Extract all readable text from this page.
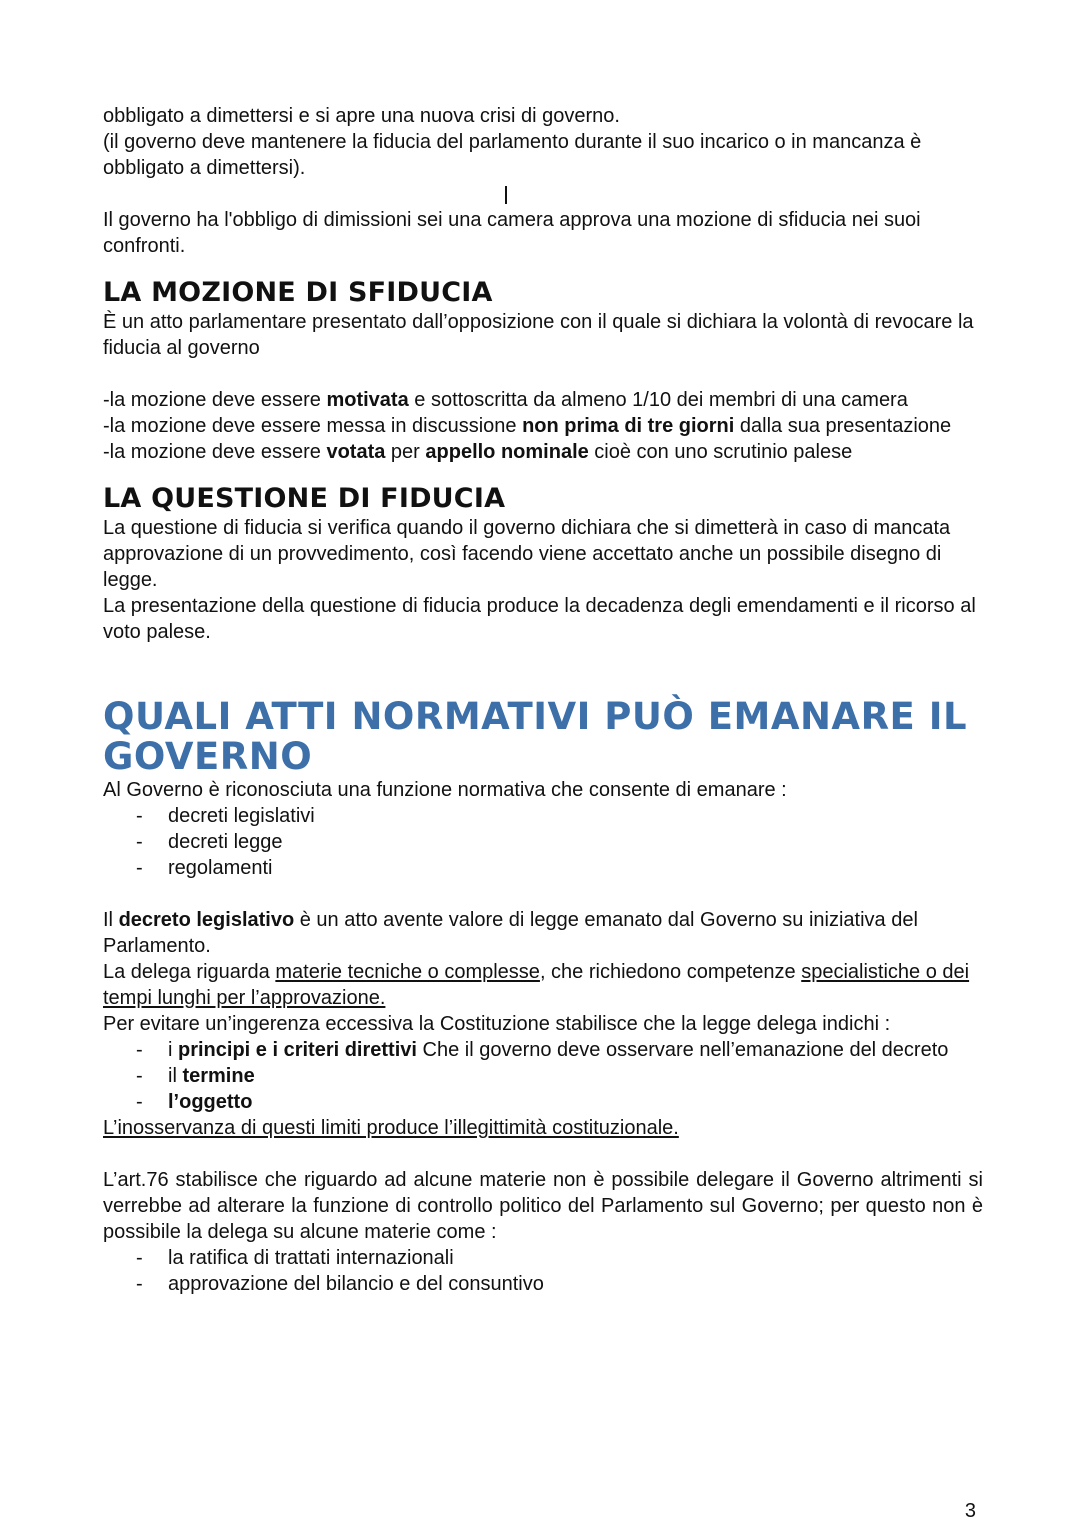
obbligato a dimettersi e si apre una nuova crisi di governo.

(il governo deve mantenere la fiducia del parlamento durante il suo incarico o in mancanza è obbligato a dimettersi).

Il governo ha l'obbligo di dimissioni sei una camera approva una mozione di sfiducia nei suoi confronti.

LA MOZIONE DI SFIDUCIA

È un atto parlamentare presentato dall’opposizione con il quale si dichiara la volontà di revocare la fiducia al governo

-la mozione deve essere motivata e sottoscritta da almeno 1/10 dei membri di una camera

-la mozione deve essere messa in discussione non prima di tre giorni dalla sua presentazione

-la mozione deve essere votata per appello nominale cioè con uno scrutinio palese

LA QUESTIONE DI FIDUCIA

La questione di fiducia si verifica quando il governo dichiara che si dimetterà in caso di mancata approvazione di un provvedimento, così facendo viene accettato anche un possibile disegno di legge.

La presentazione della questione di fiducia produce la decadenza degli emendamenti e il ricorso al voto palese.

QUALI ATTI NORMATIVI PUÒ EMANARE IL GOVERNO

Al Governo è riconosciuta una funzione normativa che consente di emanare :

- decreti legislativi
- decreti legge
- regolamenti

Il decreto legislativo è un atto avente valore di legge emanato dal Governo su iniziativa del Parlamento.

La delega riguarda materie tecniche o complesse, che richiedono competenze specialistiche o dei tempi lunghi per l’approvazione.

Per evitare un’ingerenza eccessiva la Costituzione stabilisce che la legge delega indichi :

- i principi e i criteri direttivi Che il governo deve osservare nell’emanazione del decreto
- il termine
- l’oggetto

L’inosservanza di questi limiti produce l’illegittimità costituzionale.

L’art.76 stabilisce che riguardo ad alcune materie non è possibile delegare il Governo altrimenti si verrebbe ad alterare la funzione di controllo politico del Parlamento sul Governo; per questo non è possibile la delega su alcune materie come :

- la ratifica di trattati internazionali
- approvazione del bilancio e del consuntivo
3
